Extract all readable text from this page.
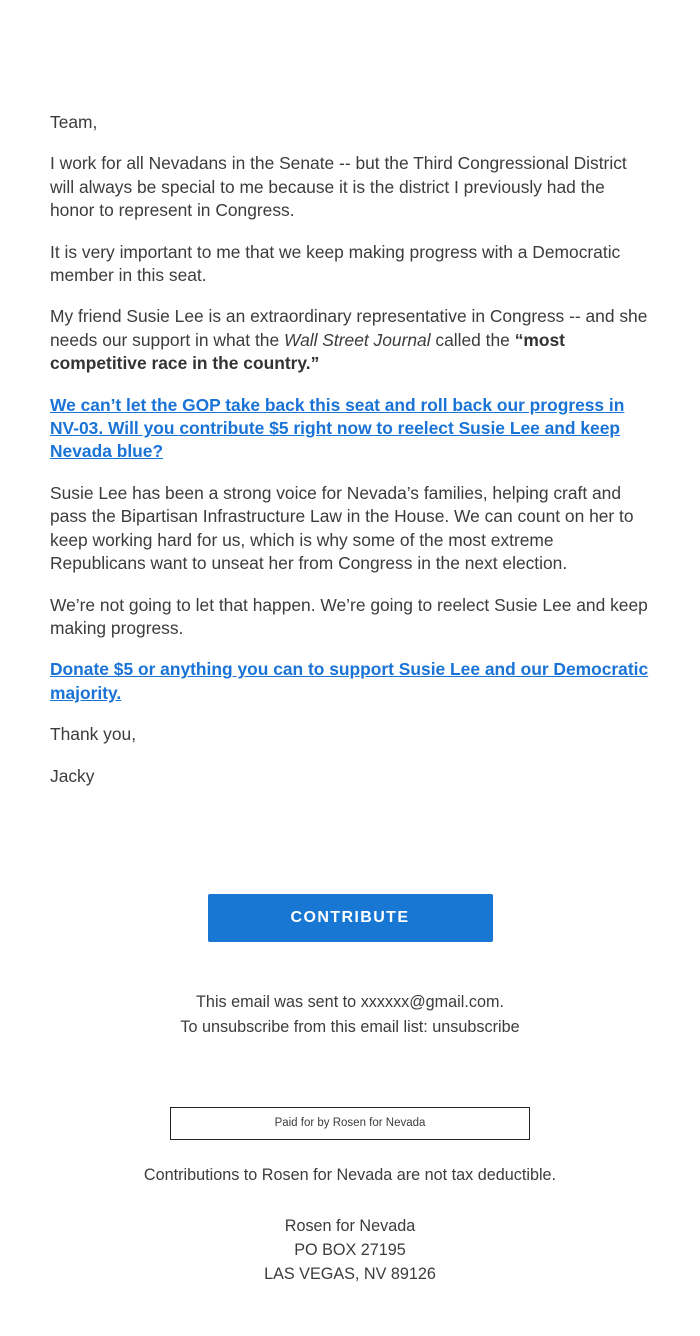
Team,

I work for all Nevadans in the Senate -- but the Third Congressional District will always be special to me because it is the district I previously had the honor to represent in Congress.

It is very important to me that we keep making progress with a Democratic member in this seat.

My friend Susie Lee is an extraordinary representative in Congress -- and she needs our support in what the Wall Street Journal called the “most competitive race in the country.”

We can’t let the GOP take back this seat and roll back our progress in NV-03. Will you contribute $5 right now to reelect Susie Lee and keep Nevada blue?

Susie Lee has been a strong voice for Nevada’s families, helping craft and pass the Bipartisan Infrastructure Law in the House. We can count on her to keep working hard for us, which is why some of the most extreme Republicans want to unseat her from Congress in the next election.

We’re not going to let that happen. We’re going to reelect Susie Lee and keep making progress.

Donate $5 or anything you can to support Susie Lee and our Democratic majority.

Thank you,

Jacky

CONTRIBUTE
This email was sent to xxxxxx@gmail.com.
To unsubscribe from this email list: unsubscribe
Paid for by Rosen for Nevada
Contributions to Rosen for Nevada are not tax deductible.
Rosen for Nevada
PO BOX 27195
LAS VEGAS, NV 89126
